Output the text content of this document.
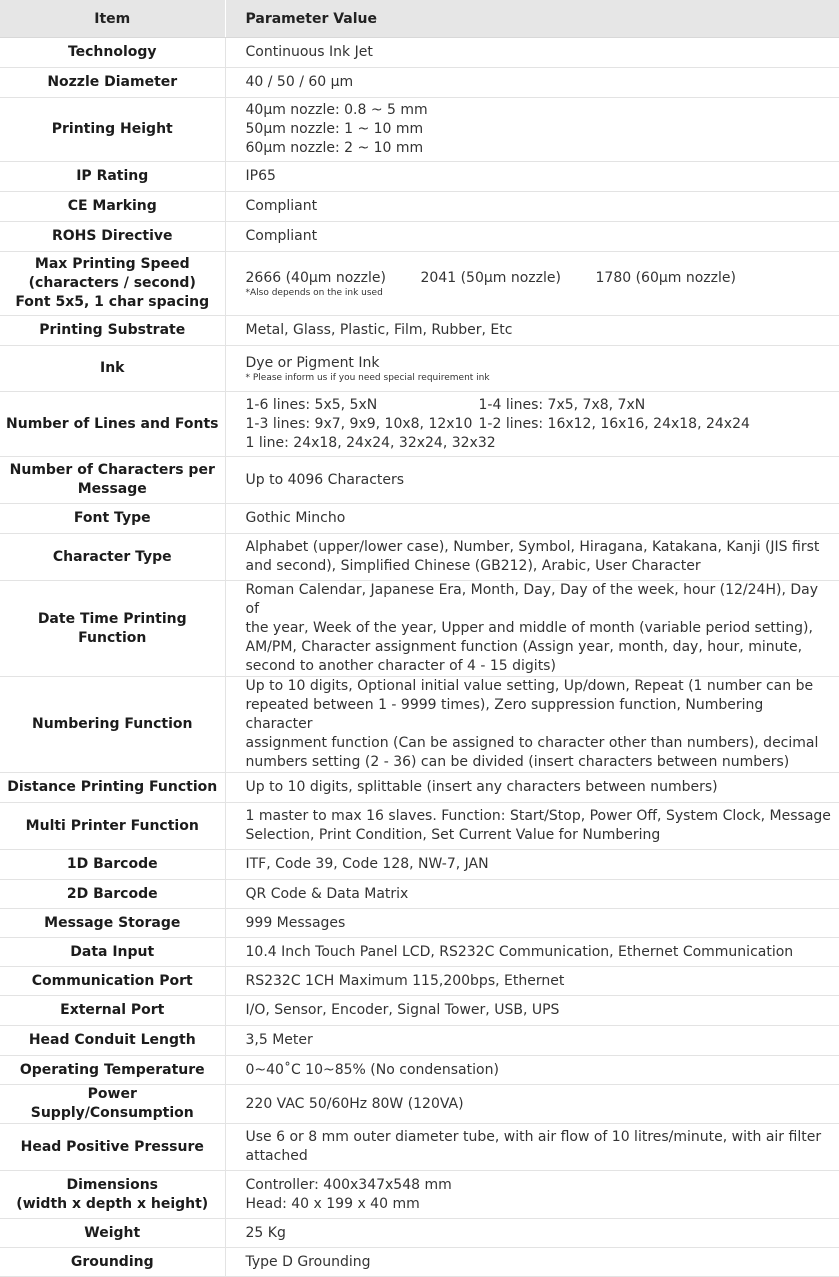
Item	Parameter Value
Technology	Continuous Ink Jet
Nozzle Diameter	40 / 50 / 60 µm
Printing Height	40µm nozzle: 0.8 ~ 5 mm
50µm nozzle: 1 ~ 10 mm
60µm nozzle: 2 ~ 10 mm

IP Rating	IP65
CE Marking	Compliant
ROHS Directive	Compliant

Max Printing Speed
(characters / second)
Font 5x5, 1 char spacing	2666 (40µm nozzle) 2041 (50µm nozzle) 1780 (60µm nozzle)
*Also depends on the ink used

Printing Substrate	Metal, Glass, Plastic, Film, Rubber, Etc
Ink	Dye or Pigment Ink
* Please inform us if you need special requirement ink

Number of Lines and Fonts	1-6 lines: 5x5, 5xN 1-4 lines: 7x5, 7x8, 7xN
1-3 lines: 9x7, 9x9, 10x8, 12x10 1-2 lines: 16x12, 16x16, 24x18, 24x24
1 line: 24x18, 24x24, 32x24, 32x32

Number of Characters per
Message	Up to 4096 Characters
Font Type	Gothic Mincho
Character Type	Alphabet (upper/lower case), Number, Symbol, Hiragana, Katakana, Kanji (JIS first
and second), Simplified Chinese (GB212), Arabic, User Character

Date Time Printing Function	Roman Calendar, Japanese Era, Month, Day, Day of the week, hour (12/24H), Day of
the year, Week of the year, Upper and middle of month (variable period setting),
AM/PM, Character assignment function (Assign year, month, day, hour, minute,
second to another character of 4 - 15 digits)

Numbering Function	Up to 10 digits, Optional initial value setting, Up/down, Repeat (1 number can be
repeated between 1 - 9999 times), Zero suppression function, Numbering character
assignment function (Can be assigned to character other than numbers), decimal
numbers setting (2 - 36) can be divided (insert characters between numbers)

Distance Printing Function	Up to 10 digits, splittable (insert any characters between numbers)
Multi Printer Function	1 master to max 16 slaves. Function: Start/Stop, Power Off, System Clock, Message
Selection, Print Condition, Set Current Value for Numbering

1D Barcode	ITF, Code 39, Code 128, NW-7, JAN
2D Barcode	QR Code & Data Matrix
Message Storage	999 Messages
Data Input	10.4 Inch Touch Panel LCD, RS232C Communication, Ethernet Communication
Communication Port	RS232C 1CH Maximum 115,200bps, Ethernet
External Port	I/O, Sensor, Encoder, Signal Tower, USB, UPS
Head Conduit Length	3,5 Meter
Operating Temperature	0~40˚C 10~85% (No condensation)
Power Supply/Consumption	220 VAC 50/60Hz 80W (120VA)
Head Positive Pressure	Use 6 or 8 mm outer diameter tube, with air flow of 10 litres/minute, with air filter
attached

Dimensions
(width x depth x height)	Controller: 400x347x548 mm
Head: 40 x 199 x 40 mm

Weight	25 Kg
Grounding	Type D Grounding
